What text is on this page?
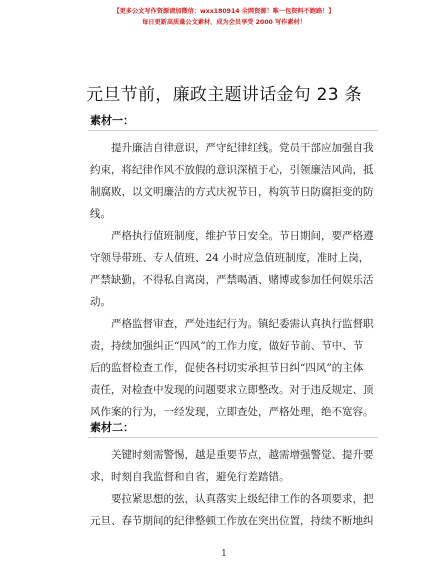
【更多公文写作资源请加微信：wxx180914 全网资源！唯一包资料不跑路！】
每日更新高质量公文素材，成为会员享受 2000 写作素材！
元旦节前，廉政主题讲话金句 23 条
素材一：
提升廉洁自律意识，严守纪律红线。党员干部应加强自我
约束，将纪律作风不放假的意识深植于心，引领廉洁风尚，抵
制腐败，以文明廉洁的方式庆祝节日，构筑节日防腐拒变的防
线。
严格执行值班制度，维护节日安全。节日期间，要严格遵
守领导带班、专人值班、24 小时应急值班制度，准时上岗，
严禁缺勤，不得私自离岗，严禁喝酒、赌博或参加任何娱乐活
动。
严格监督审查，严处违纪行为。镇纪委需认真执行监督职
责，持续加强纠正“四风”的工作力度，做好节前、节中、节
后的监督检查工作，促使各村切实承担节日纠“四风”的主体
责任，对检查中发现的问题要求立即整改。对于违反规定、顶
风作案的行为，一经发现，立即查处，严格处理，绝不宽容。
素材二：
关键时刻需警惕，越是重要节点，越需增强警觉、提升要
求，时刻自我监督和自省，避免行差踏错。
要拉紧思想的弦，认真落实上级纪律工作的各项要求，把
元旦、春节期间的纪律整顿工作放在突出位置，持续不断地纠
1
